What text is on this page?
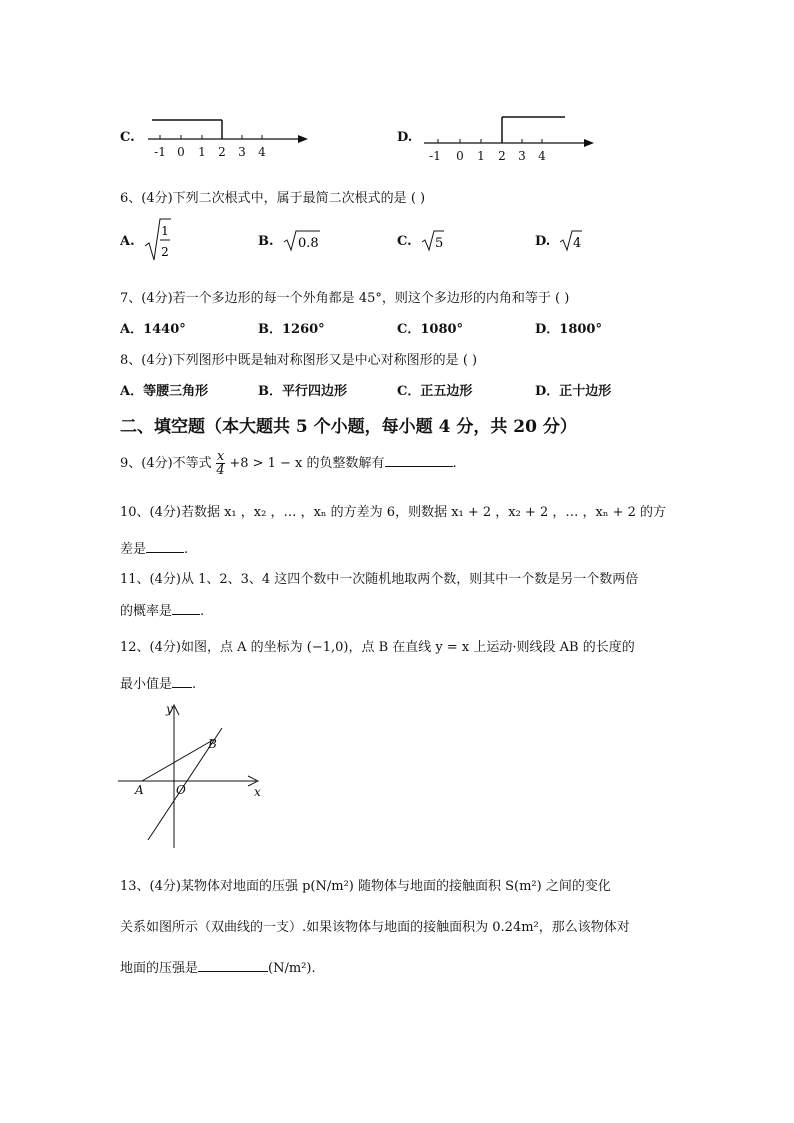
C.
-1 0 1 2 3 4
D.
-1 0 1 2 3 4
6、(4分)下列二次根式中，属于最简二次根式的是 ( )
A.
1
2
B. 0.8	C. 5	D. 4
7、(4分)若一个多边形的每一个外角都是 45°，则这个多边形的内角和等于 ( )
A．1440°	B．1260°	C．1080°	D．1800°
8、(4分)下列图形中既是轴对称图形又是中心对称图形的是 ( )
A．等腰三角形	B．平行四边形	C．正五边形	D．正十边形
二、填空题（本大题共 5 个小题，每小题 4 分，共 20 分）
9、(4分)不等式 $\frac{x}{4} +8 > 1 - x$ 的负整数解有	.
10、(4分)若数据 x₁ ，x₂ ，… ，xₙ 的方差为 6，则数据 x₁ + 2 ，x₂ + 2 ，… ，xₙ + 2 的方
差是	.
11、(4分)从 1、2、3、4 这四个数中一次随机地取两个数，则其中一个数是另一个数两倍
的概率是 .
12、(4分)如图，点 A 的坐标为 (−1,0)，点 B 在直线 y = x 上运动·则线段 AB 的长度的
最小值是 .
y
x
A	O
B
13、(4分)某物体对地面的压强 p(N/m²) 随物体与地面的接触面积 S(m²) 之间的变化
关系如图所示（双曲线的一支）.如果该物体与地面的接触面积为 0.24m²，那么该物体对
地面的压强是	(N/m²).
